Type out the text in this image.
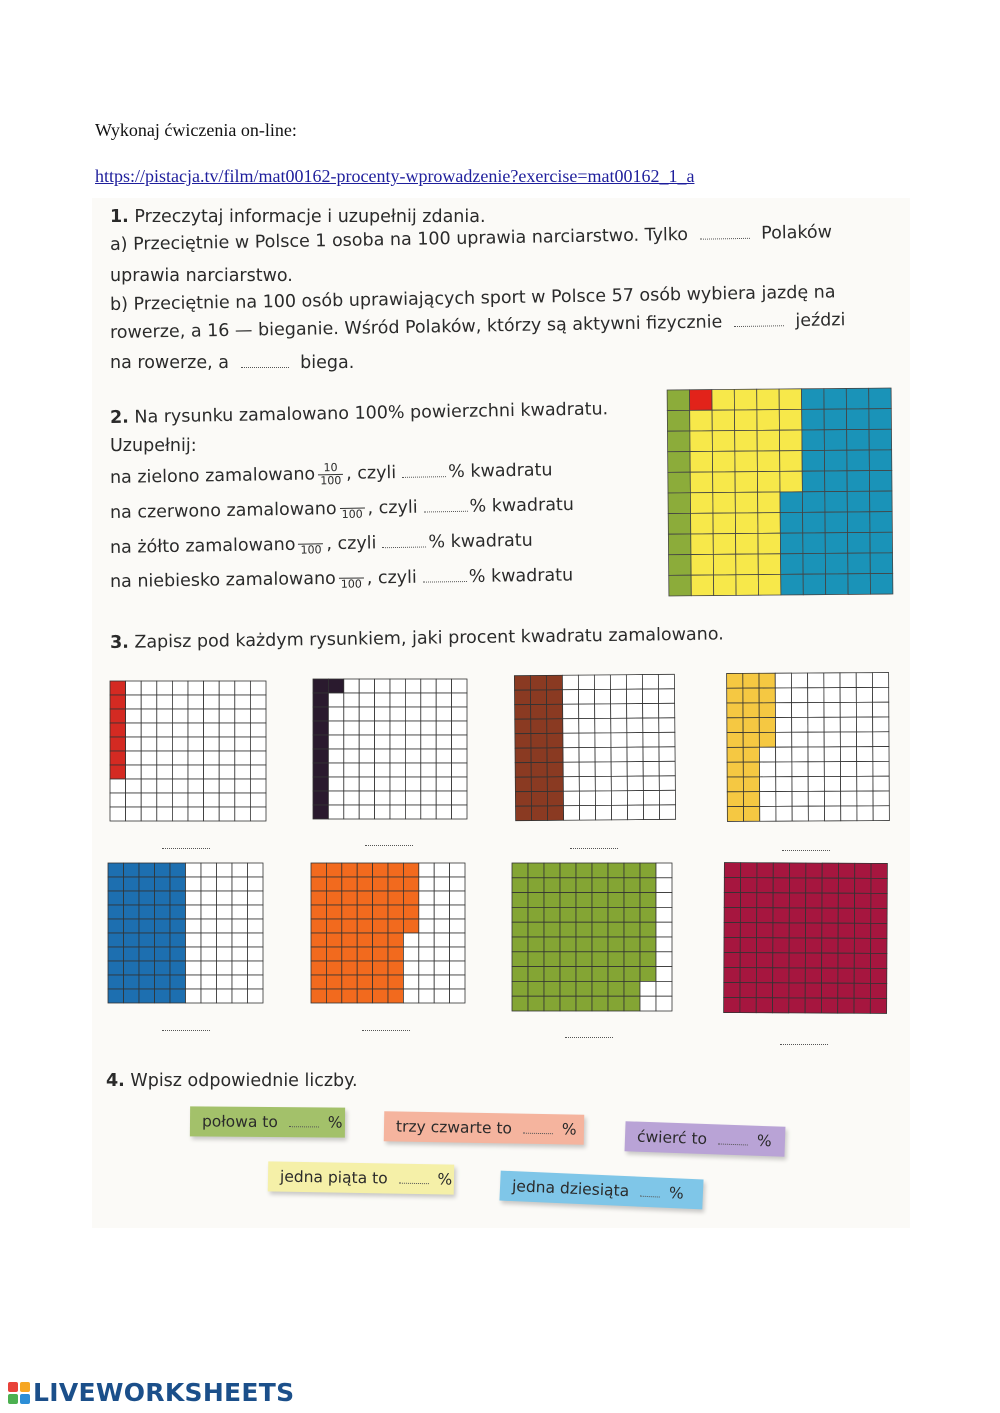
Wykonaj ćwiczenia on-line:
https://pistacja.tv/film/mat00162-procenty-wprowadzenie?exercise=mat00162_1_a
1. Przeczytaj informacje i uzupełnij zdania.
a) Przeciętnie w Polsce 1 osoba na 100 uprawia narciarstwo. Tylko	Polaków
uprawia narciarstwo.
b) Przeciętnie na 100 osób uprawiających sport w Polsce 57 osób wybiera jazdę na
rowerze, a 16 — bieganie. Wśród Polaków, którzy są aktywni fizycznie	jeździ
na rowerze, a	biega.
2. Na rysunku zamalowano 100% powierzchni kwadratu.
Uzupełnij:
na zielono zamalowano $\frac{10}{100}$ , czyli	% kwadratu
na czerwono zamalowano 100 , czyli	% kwadratu
na żółto zamalowano 100 , czyli	% kwadratu
na niebiesko zamalowano 100 , czyli	% kwadratu
3. Zapisz pod każdym rysunkiem, jaki procent kwadratu zamalowano.
4. Wpisz odpowiednie liczby.
połowa to	%	trzy czwarte to	%	ćwierć to	%
jedna piąta to	%	jedna dziesiąta	%
LIVEWORKSHEETS
